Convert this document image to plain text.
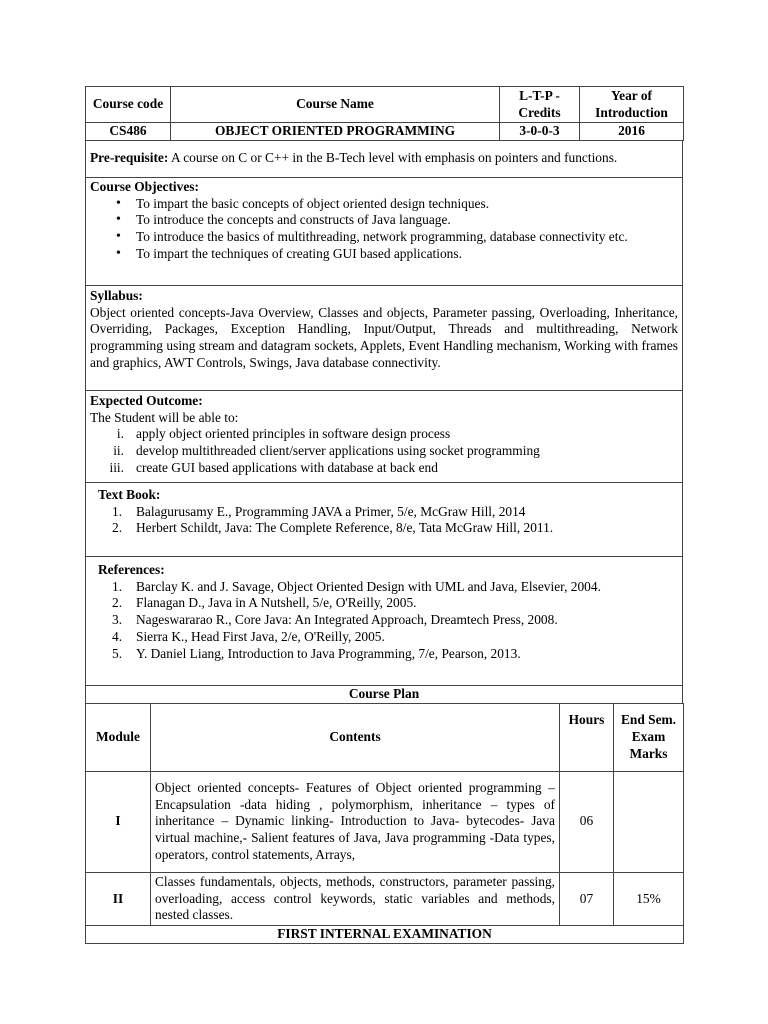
Course code	Course Name	L-T-P - Credits	Year of Introduction
CS486	OBJECT ORIENTED PROGRAMMING	3-0-0-3	2016
Pre-requisite: A course on C or C++ in the B-Tech level with emphasis on pointers and functions.

Course Objectives:
• To impart the basic concepts of object oriented design techniques.
• To introduce the concepts and constructs of Java language.
• To introduce the basics of multithreading, network programming, database connectivity etc.
• To impart the techniques of creating GUI based applications.

Syllabus:
Object oriented concepts-Java Overview, Classes and objects, Parameter passing, Overloading, Inheritance, Overriding, Packages, Exception Handling, Input/Output, Threads and multithreading, Network programming using stream and datagram sockets, Applets, Event Handling mechanism, Working with frames and graphics, AWT Controls, Swings, Java database connectivity.

Expected Outcome:
The Student will be able to:
i. apply object oriented principles in software design process
ii. develop multithreaded client/server applications using socket programming
iii. create GUI based applications with database at back end

Text Book:
1.	Balagurusamy E., Programming JAVA a Primer, 5/e, McGraw Hill, 2014
2.	Herbert Schildt, Java: The Complete Reference, 8/e, Tata McGraw Hill, 2011.

References:
1.	Barclay K. and J. Savage, Object Oriented Design with UML and Java, Elsevier, 2004.
2.	Flanagan D., Java in A Nutshell, 5/e, O'Reilly, 2005.
3.	Nageswararao R., Core Java: An Integrated Approach, Dreamtech Press, 2008.
4.	Sierra K., Head First Java, 2/e, O'Reilly, 2005.
5.	Y. Daniel Liang, Introduction to Java Programming, 7/e, Pearson, 2013.

Course Plan
Module	Contents	Hours	End Sem. Exam Marks
I	Object oriented concepts- Features of Object oriented programming – Encapsulation -data hiding , polymorphism, inheritance – types of inheritance – Dynamic linking- Introduction to Java- bytecodes- Java virtual machine,- Salient features of Java, Java programming -Data types, operators, control statements, Arrays,	06	
II	Classes fundamentals, objects, methods, constructors, parameter passing, overloading, access control keywords, static variables and methods, nested classes.	07	15%
FIRST INTERNAL EXAMINATION			
